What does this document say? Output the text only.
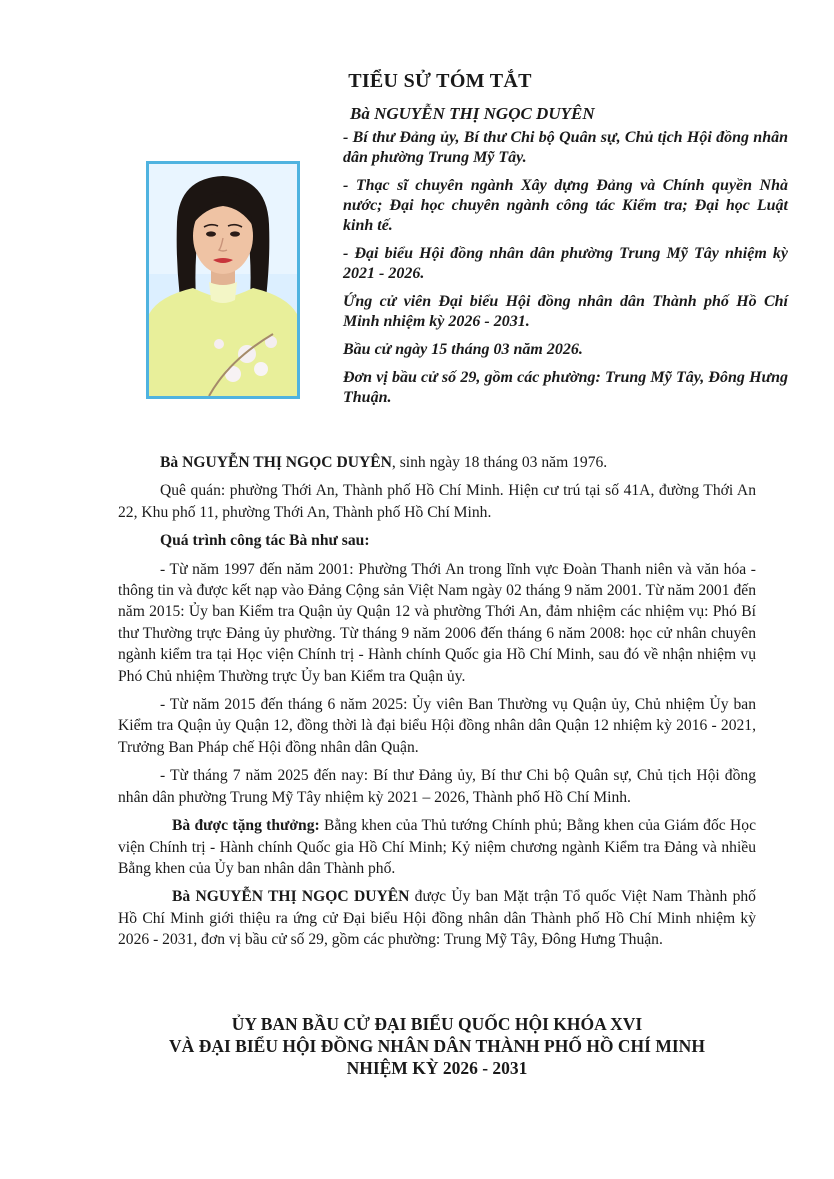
TIỂU SỬ TÓM TẮT
Bà NGUYỄN THỊ NGỌC DUYÊN

- Bí thư Đảng ủy, Bí thư Chi bộ Quân sự, Chủ tịch Hội đồng nhân dân phường Trung Mỹ Tây.

- Thạc sĩ chuyên ngành Xây dựng Đảng và Chính quyền Nhà nước; Đại học chuyên ngành công tác Kiểm tra; Đại học Luật kinh tế.

- Đại biểu Hội đồng nhân dân phường Trung Mỹ Tây nhiệm kỳ 2021 - 2026.

Ứng cử viên Đại biểu Hội đồng nhân dân Thành phố Hồ Chí Minh nhiệm kỳ 2026 - 2031.

Bầu cử ngày 15 tháng 03 năm 2026.

Đơn vị bầu cử số 29, gồm các phường: Trung Mỹ Tây, Đông Hưng Thuận.

Bà NGUYỄN THỊ NGỌC DUYÊN, sinh ngày 18 tháng 03 năm 1976.

Quê quán: phường Thới An, Thành phố Hồ Chí Minh. Hiện cư trú tại số 41A, đường Thới An 22, Khu phố 11, phường Thới An, Thành phố Hồ Chí Minh.

Quá trình công tác Bà như sau:

- Từ năm 1997 đến năm 2001: Phường Thới An trong lĩnh vực Đoàn Thanh niên và văn hóa - thông tin và được kết nạp vào Đảng Cộng sản Việt Nam ngày 02 tháng 9 năm 2001. Từ năm 2001 đến năm 2015: Ủy ban Kiểm tra Quận ủy Quận 12 và phường Thới An, đảm nhiệm các nhiệm vụ: Phó Bí thư Thường trực Đảng ủy phường. Từ tháng 9 năm 2006 đến tháng 6 năm 2008: học cử nhân chuyên ngành kiểm tra tại Học viện Chính trị - Hành chính Quốc gia Hồ Chí Minh, sau đó về nhận nhiệm vụ Phó Chủ nhiệm Thường trực Ủy ban Kiểm tra Quận ủy.

- Từ năm 2015 đến tháng 6 năm 2025: Ủy viên Ban Thường vụ Quận ủy, Chủ nhiệm Ủy ban Kiểm tra Quận ủy Quận 12, đồng thời là đại biểu Hội đồng nhân dân Quận 12 nhiệm kỳ 2016 - 2021, Trưởng Ban Pháp chế Hội đồng nhân dân Quận.

- Từ tháng 7 năm 2025 đến nay: Bí thư Đảng ủy, Bí thư Chi bộ Quân sự, Chủ tịch Hội đồng nhân dân phường Trung Mỹ Tây nhiệm kỳ 2021 – 2026, Thành phố Hồ Chí Minh.

Bà được tặng thưởng: Bằng khen của Thủ tướng Chính phủ; Bằng khen của Giám đốc Học viện Chính trị - Hành chính Quốc gia Hồ Chí Minh; Kỷ niệm chương ngành Kiểm tra Đảng và nhiều Bằng khen của Ủy ban nhân dân Thành phố.

Bà NGUYỄN THỊ NGỌC DUYÊN được Ủy ban Mặt trận Tổ quốc Việt Nam Thành phố Hồ Chí Minh giới thiệu ra ứng cử Đại biểu Hội đồng nhân dân Thành phố Hồ Chí Minh nhiệm kỳ 2026 - 2031, đơn vị bầu cử số 29, gồm các phường: Trung Mỹ Tây, Đông Hưng Thuận.

ỦY BAN BẦU CỬ ĐẠI BIỂU QUỐC HỘI KHÓA XVI
VÀ ĐẠI BIỂU HỘI ĐỒNG NHÂN DÂN THÀNH PHỐ HỒ CHÍ MINH
NHIỆM KỲ 2026 - 2031
